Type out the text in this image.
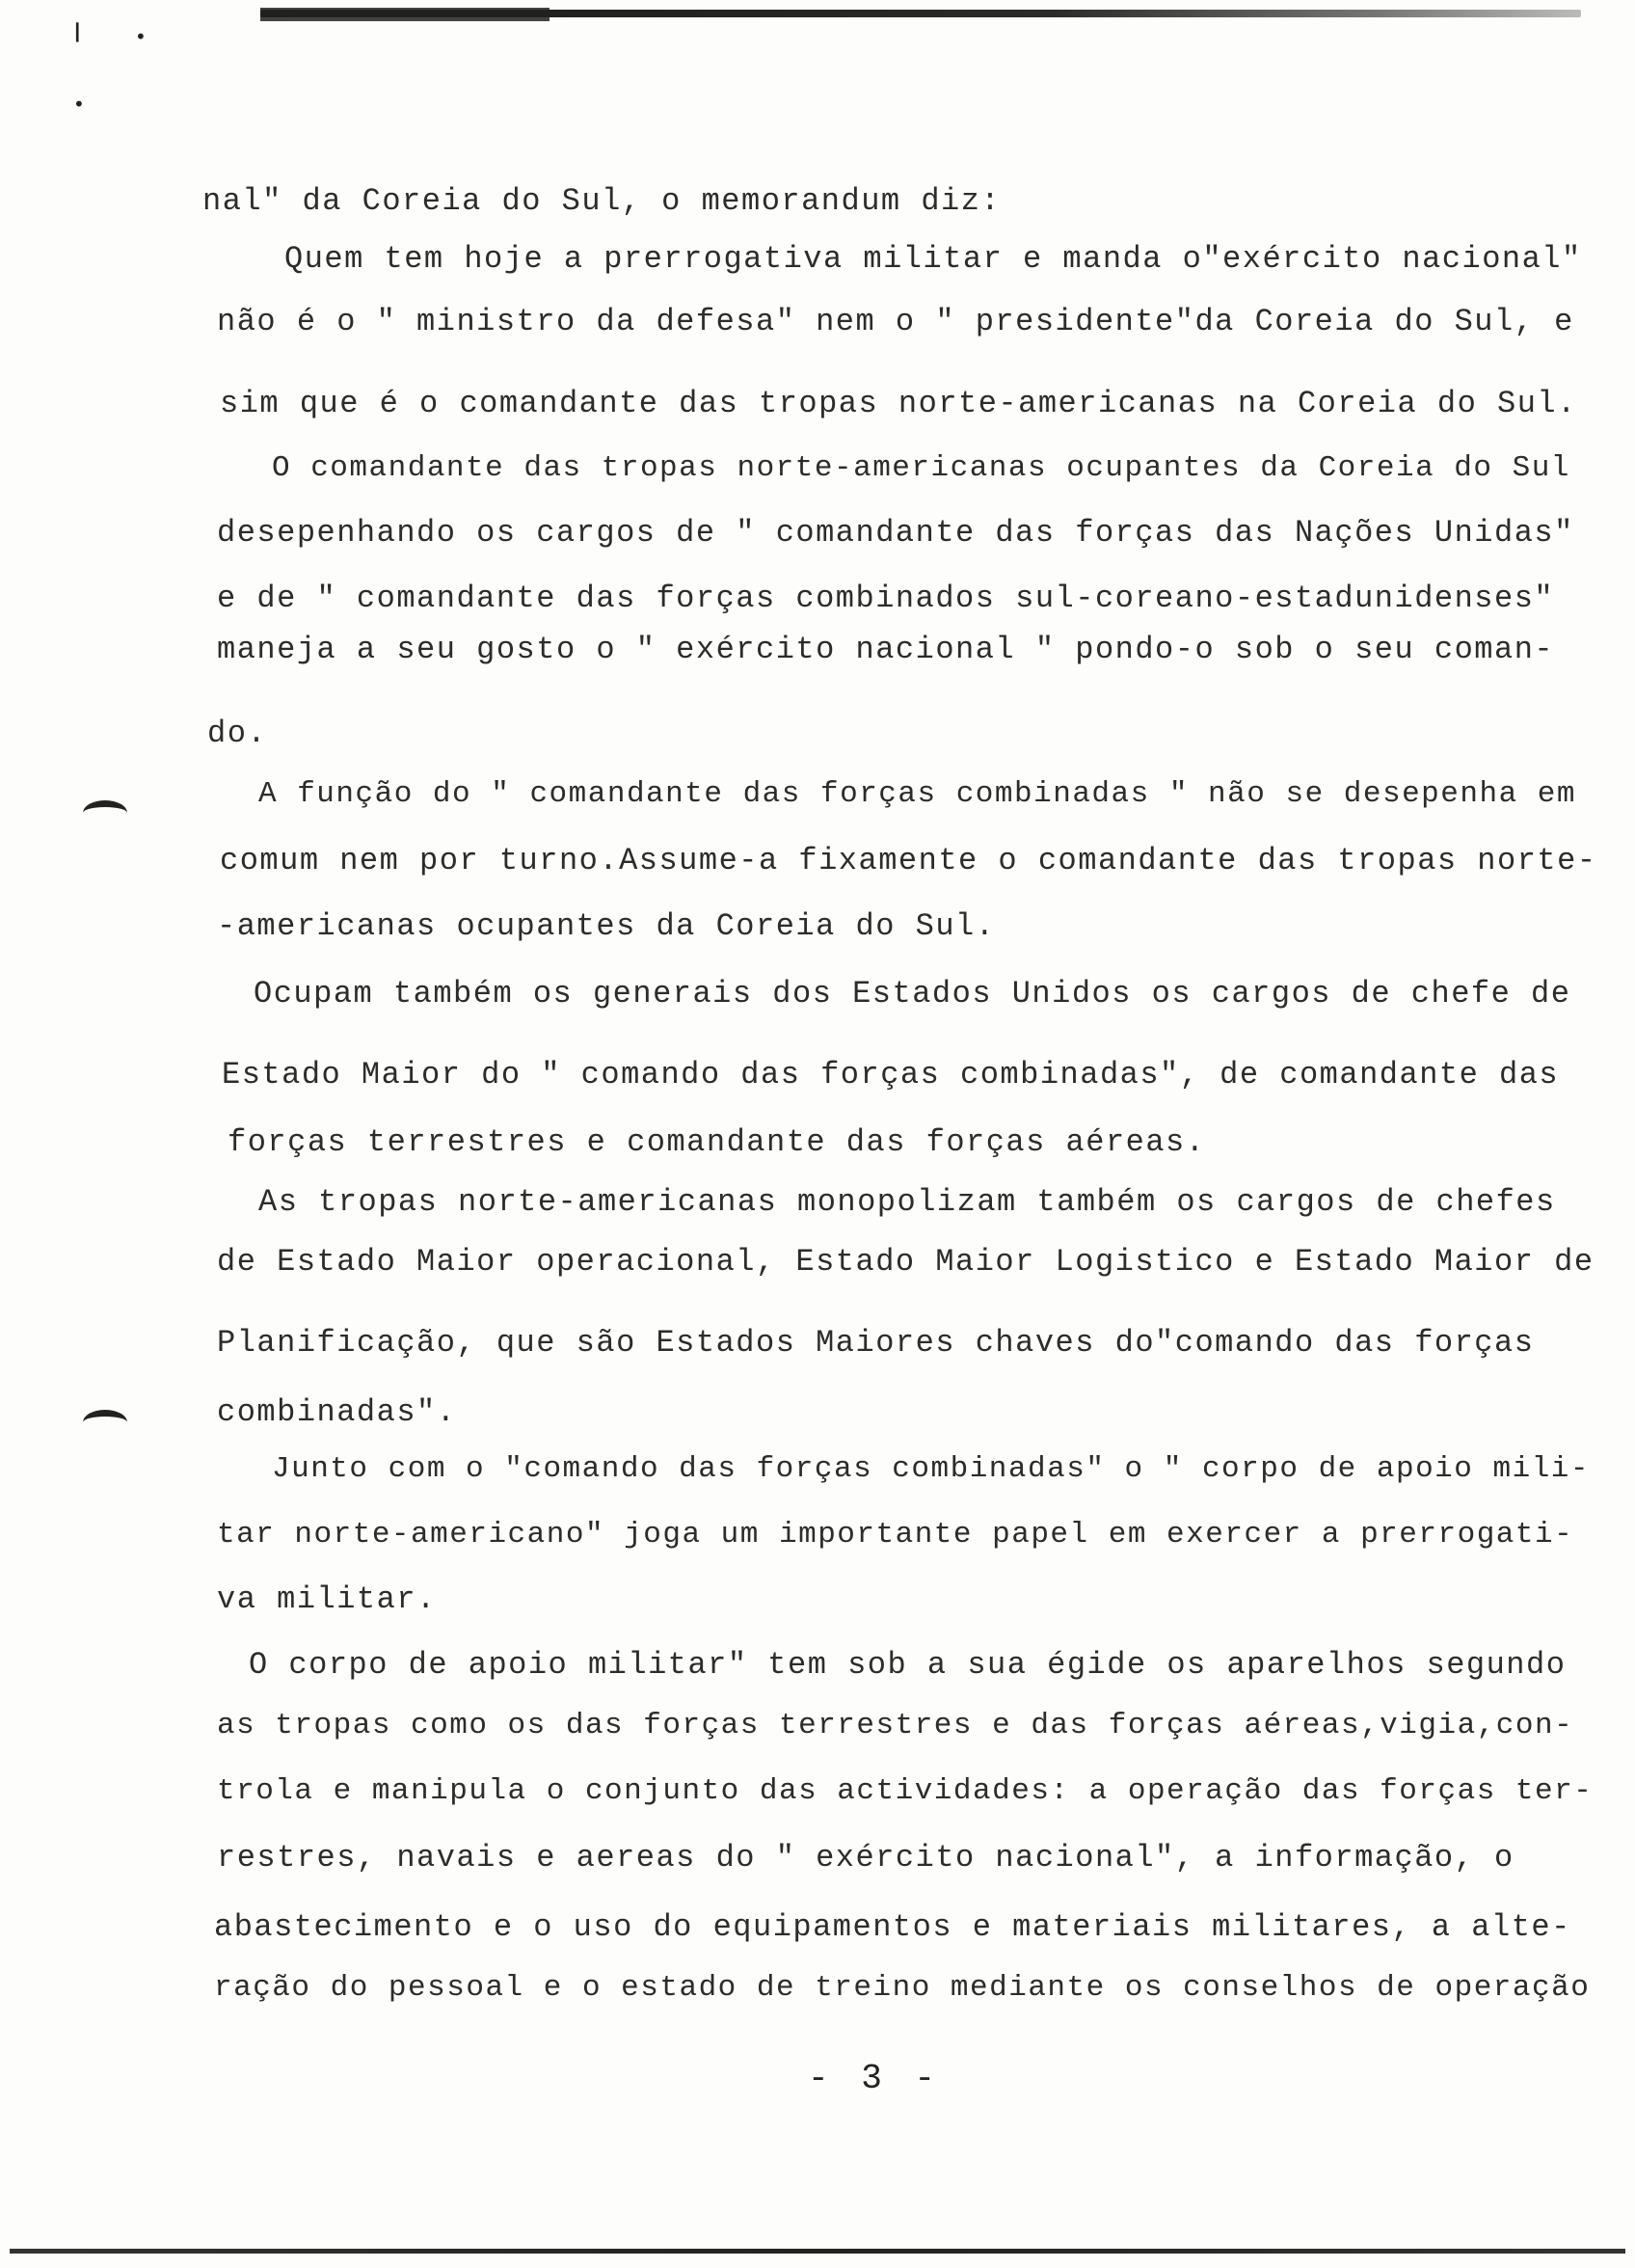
╷ •
•
nal" da Coreia do Sul, o memorandum diz:
Quem tem hoje a prerrogativa militar e manda o"exército nacional"
não é o " ministro da defesa" nem o " presidente"da Coreia do Sul, e
sim que é o comandante das tropas norte-americanas na Coreia do Sul.
O comandante das tropas norte-americanas ocupantes da Coreia do Sul
desepenhando os cargos de " comandante das forças das Nações Unidas"
e de " comandante das forças combinados sul-coreano-estadunidenses"
maneja a seu gosto o " exército nacional " pondo-o sob o seu coman-
do.
A função do " comandante das forças combinadas " não se desepenha em
comum nem por turno.Assume-a fixamente o comandante das tropas norte-
-americanas ocupantes da Coreia do Sul.
Ocupam também os generais dos Estados Unidos os cargos de chefe de
Estado Maior do " comando das forças combinadas", de comandante das
forças terrestres e comandante das forças aéreas.
As tropas norte-americanas monopolizam também os cargos de chefes
de Estado Maior operacional, Estado Maior Logistico e Estado Maior de
Planificação, que são Estados Maiores chaves do"comando das forças
combinadas".
Junto com o "comando das forças combinadas" o " corpo de apoio mili-
tar norte-americano" joga um importante papel em exercer a prerrogati-
va militar.
O corpo de apoio militar" tem sob a sua égide os aparelhos segundo
as tropas como os das forças terrestres e das forças aéreas,vigia,con-
trola e manipula o conjunto das actividades: a operação das forças ter-
restres, navais e aereas do " exército nacional", a informação, o
abastecimento e o uso do equipamentos e materiais militares, a alte-
ração do pessoal e o estado de treino mediante os conselhos de operação
- 3 -
